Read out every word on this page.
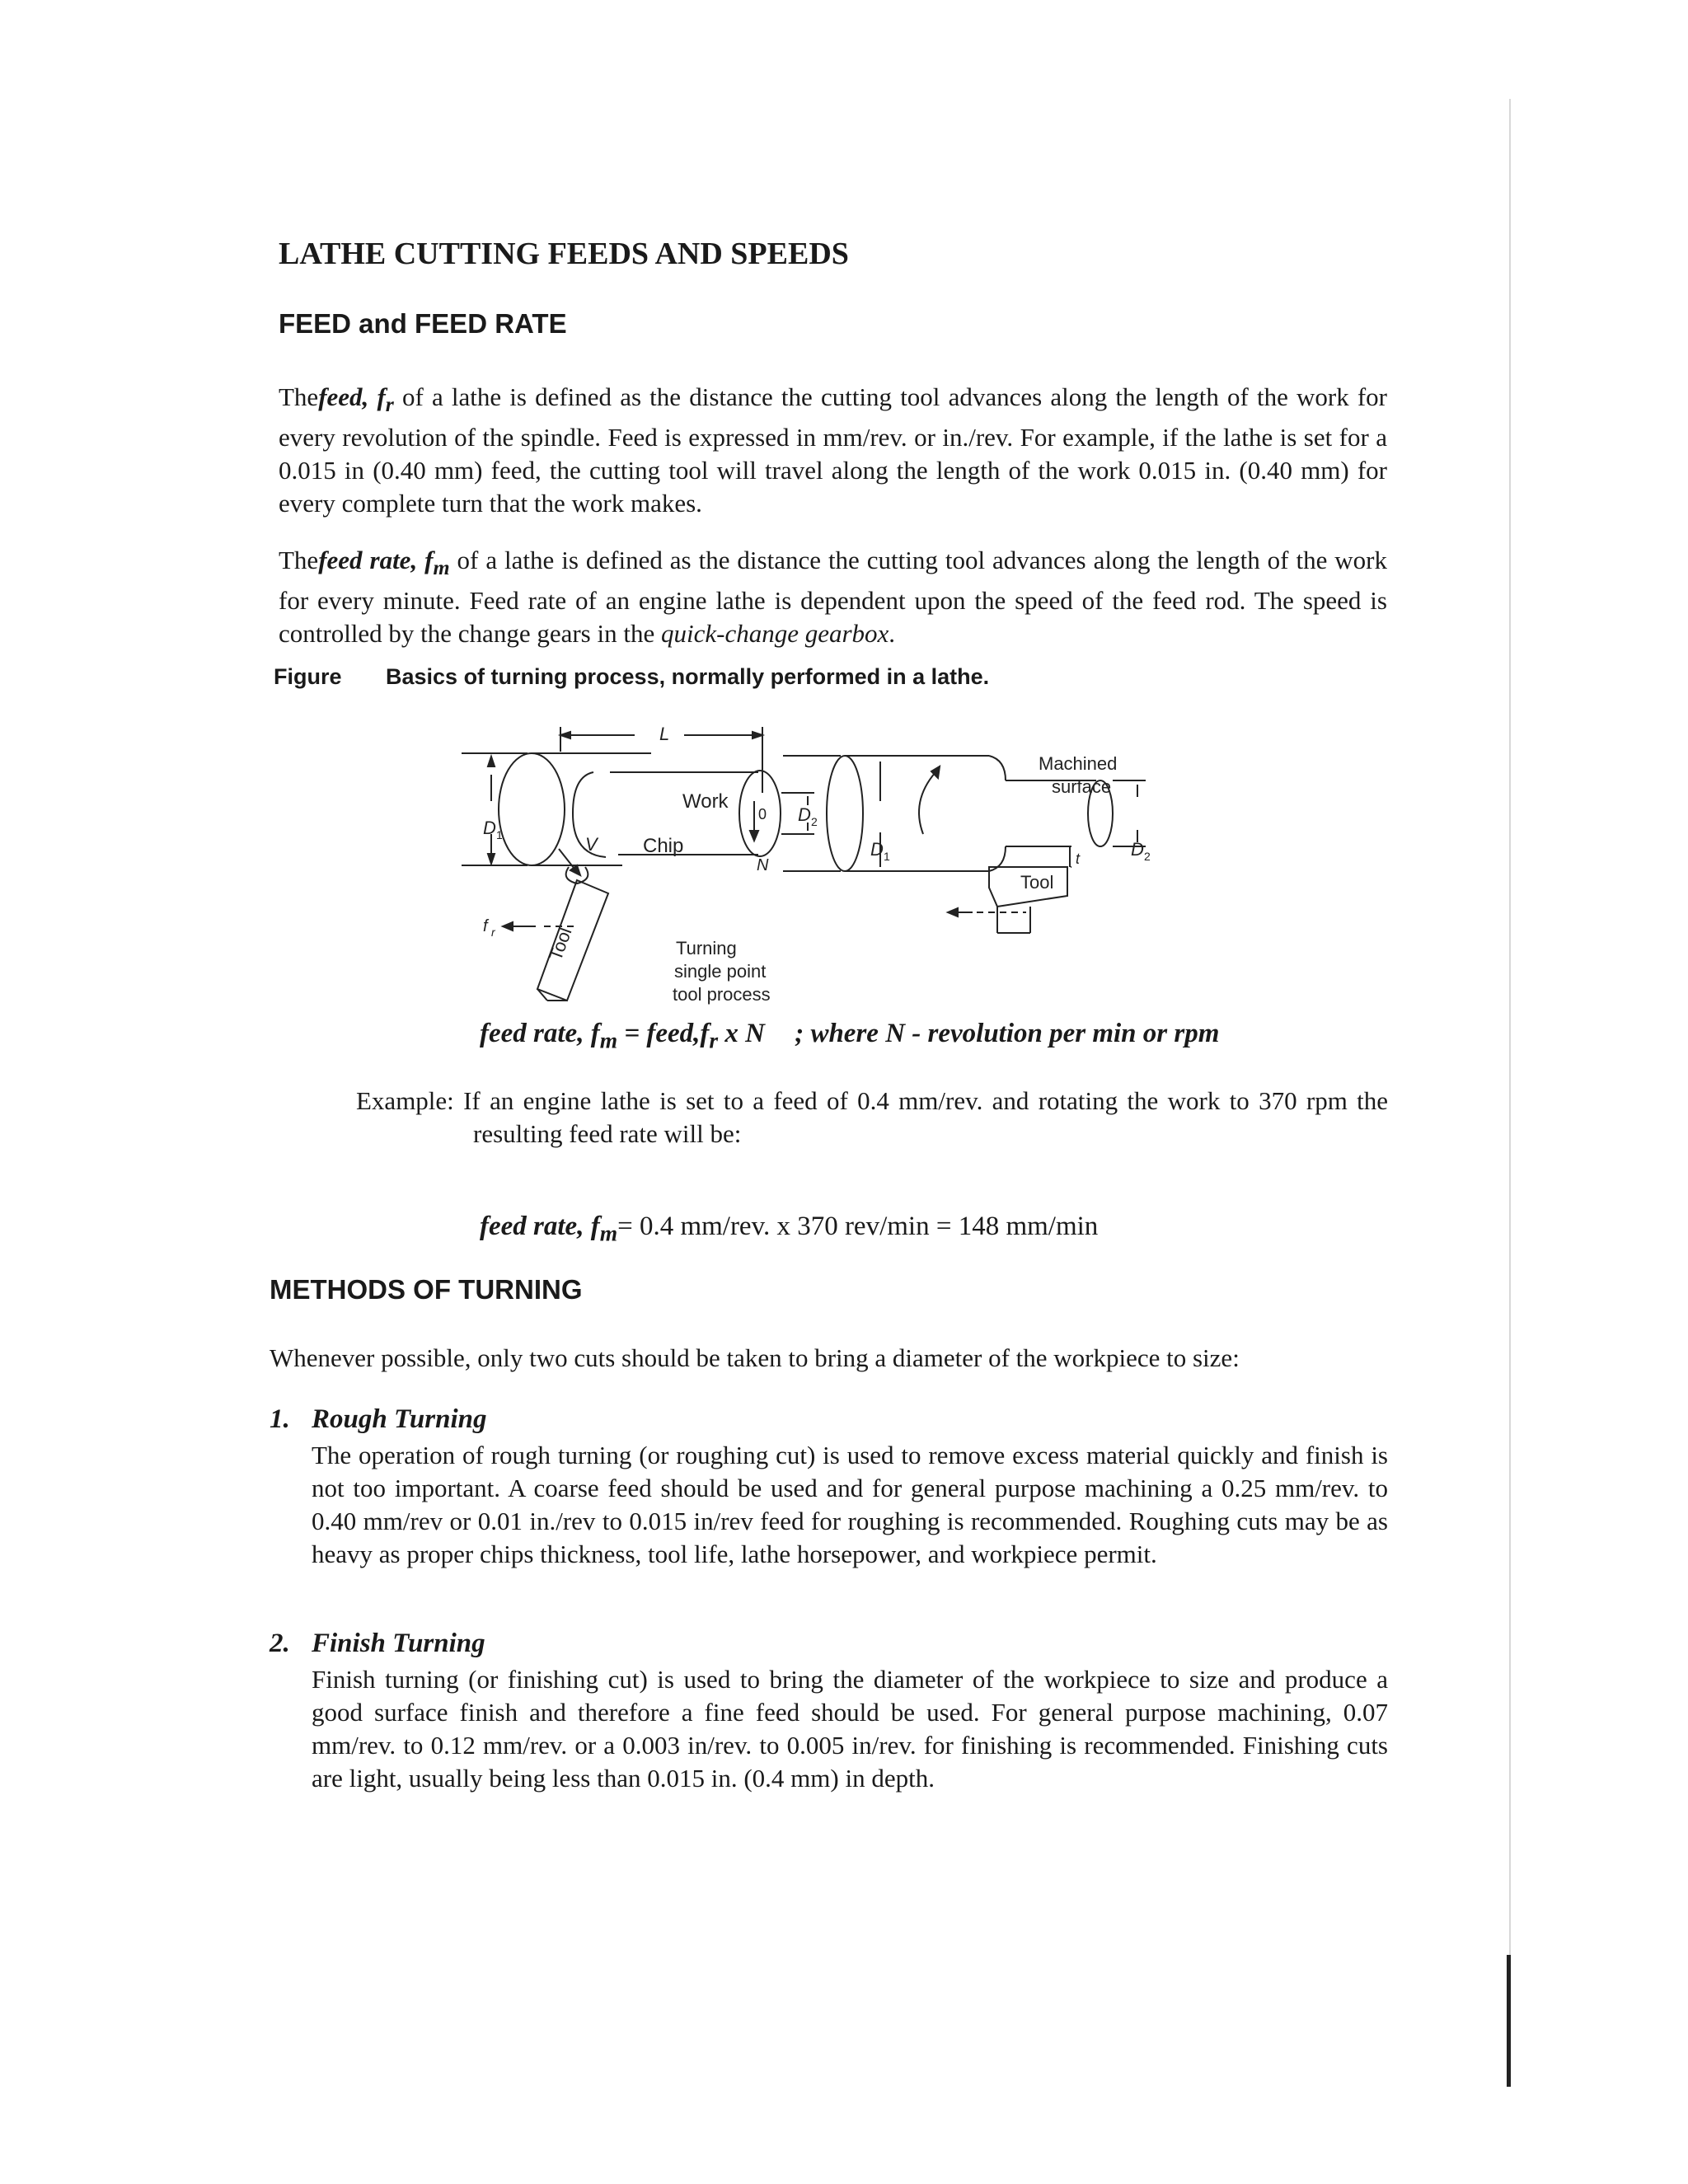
LATHE CUTTING FEEDS AND SPEEDS
FEED and FEED RATE

Thefeed, $f_r$ of a lathe is defined as the distance the cutting tool advances along the length of the work for every revolution of the spindle. Feed is expressed in mm/rev. or in./rev. For example, if the lathe is set for a 0.015 in (0.40 mm) feed, the cutting tool will travel along the length of the work 0.015 in. (0.40 mm) for every complete turn that the work makes.

Thefeed rate, $f_m$ of a lathe is defined as the distance the cutting tool advances along the length of the work for every minute. Feed rate of an engine lathe is dependent upon the speed of the feed rod. The speed is controlled by the change gears in the quick-change gearbox.

Figure Basics of turning process, normally performed in a lathe.

L
Work
Chip
V
0
N
D 1
D 2
f r	Tool	Turning
single point
tool process
Machined
surface
D 1	D 2
Tool
t

feed rate, $f_m$ = $feed,f_r$ x N ; where N - revolution per min or rpm

Example: If an engine lathe is set to a feed of 0.4 mm/rev. and rotating the work to 370 rpm the resulting feed rate will be:

feed rate, $f_m= 0.4$ mm/rev. x 370 rev/min = 148 mm/min

METHODS OF TURNING

Whenever possible, only two cuts should be taken to bring a diameter of the workpiece to size:

1. Rough Turning

The operation of rough turning (or roughing cut) is used to remove excess material quickly and finish is not too important. A coarse feed should be used and for general purpose machining a 0.25 mm/rev. to 0.40 mm/rev or 0.01 in./rev to 0.015 in/rev feed for roughing is recommended. Roughing cuts may be as heavy as proper chips thickness, tool life, lathe horsepower, and workpiece permit.

2. Finish Turning

Finish turning (or finishing cut) is used to bring the diameter of the workpiece to size and produce a good surface finish and therefore a fine feed should be used. For general purpose machining, 0.07 mm/rev. to 0.12 mm/rev. or a 0.003 in/rev. to 0.005 in/rev. for finishing is recommended. Finishing cuts are light, usually being less than 0.015 in. (0.4 mm) in depth.
